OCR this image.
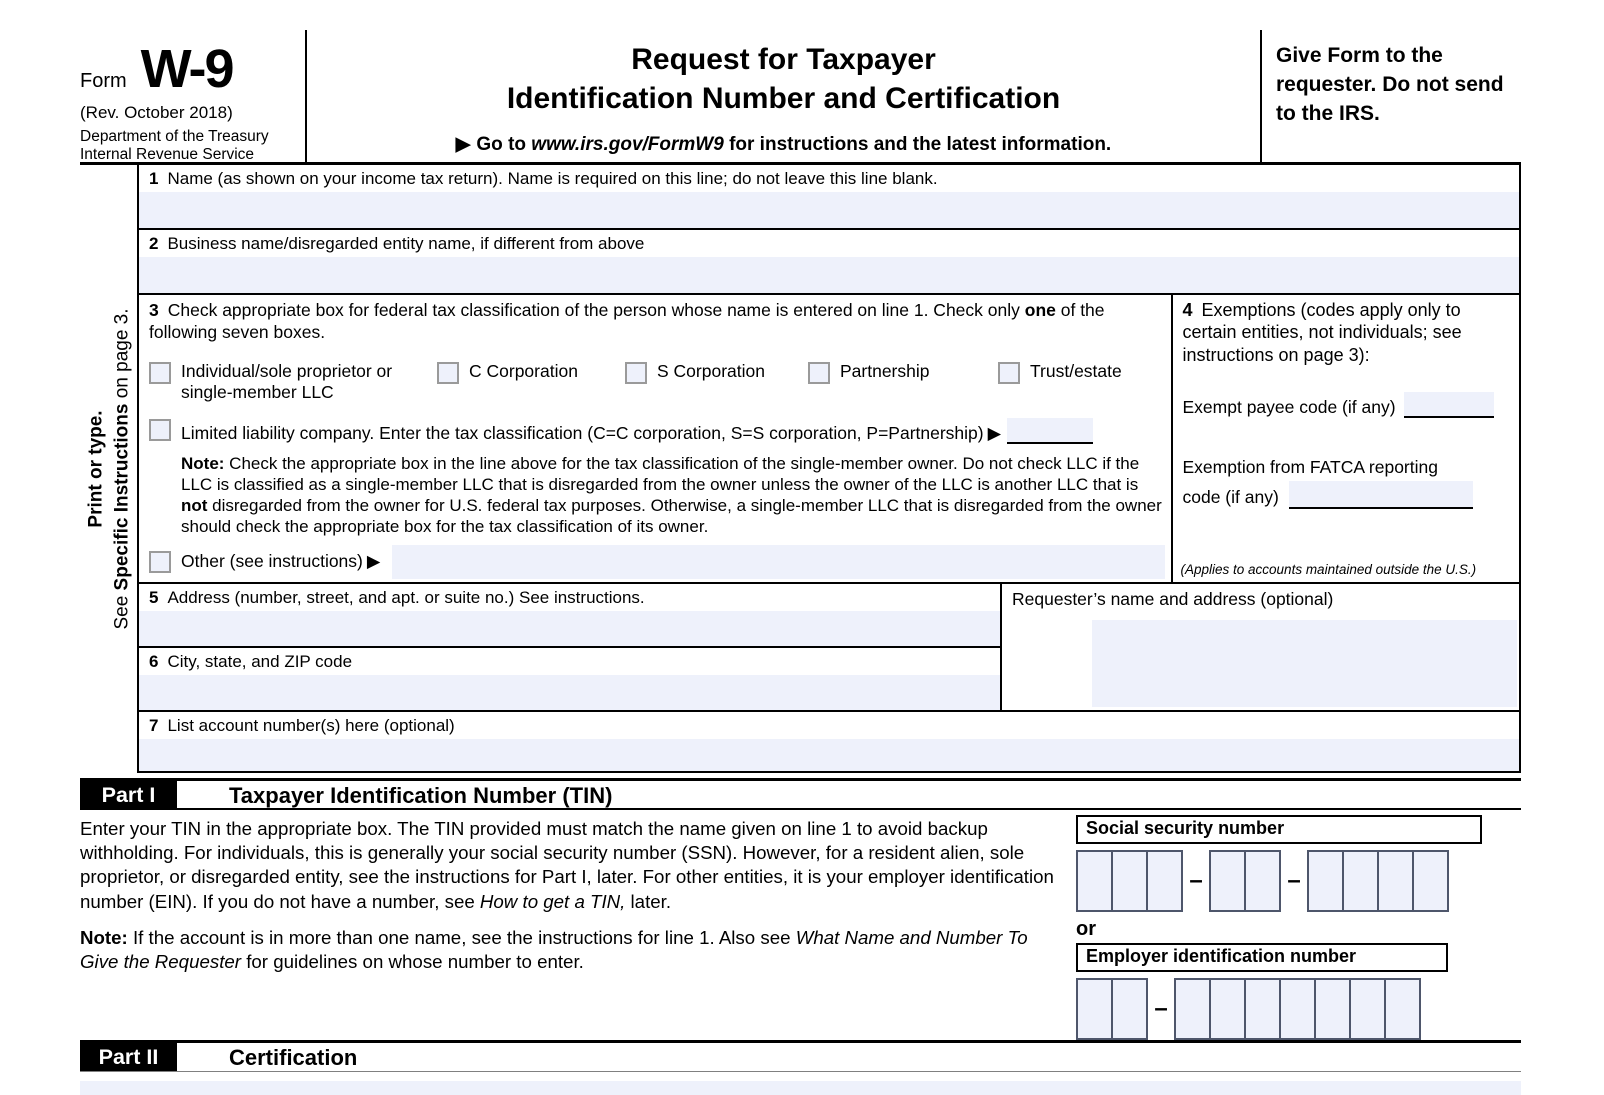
Form W-9
(Rev. October 2018)
Department of the Treasury
Internal Revenue Service
Request for Taxpayer
Identification Number and Certification
▶ Go to www.irs.gov/FormW9 for instructions and the latest information.
Give Form to the requester. Do not send to the IRS.
Print or type.
See Specific Instructions on page 3.
1 Name (as shown on your income tax return). Name is required on this line; do not leave this line blank.
2 Business name/disregarded entity name, if different from above
3 Check appropriate box for federal tax classification of the person whose name is entered on line 1. Check only one of the following seven boxes.
Individual/sole proprietor or single-member LLC
C Corporation	S Corporation	Partnership	Trust/estate
Limited liability company. Enter the tax classification (C=C corporation, S=S corporation, P=Partnership) ▶
Note: Check the appropriate box in the line above for the tax classification of the single-member owner. Do not check LLC if the LLC is classified as a single-member LLC that is disregarded from the owner unless the owner of the LLC is another LLC that is not disregarded from the owner for U.S. federal tax purposes. Otherwise, a single-member LLC that is disregarded from the owner should check the appropriate box for the tax classification of its owner.
Other (see instructions) ▶
4 Exemptions (codes apply only to certain entities, not individuals; see instructions on page 3):
Exempt payee code (if any)
Exemption from FATCA reporting
code (if any)
(Applies to accounts maintained outside the U.S.)
5 Address (number, street, and apt. or suite no.) See instructions.
6 City, state, and ZIP code
Requester’s name and address (optional)
7 List account number(s) here (optional)
Part I	Taxpayer Identification Number (TIN)
Enter your TIN in the appropriate box. The TIN provided must match the name given on line 1 to avoid backup withholding. For individuals, this is generally your social security number (SSN). However, for a resident alien, sole proprietor, or disregarded entity, see the instructions for Part I, later. For other entities, it is your employer identification number (EIN). If you do not have a number, see How to get a TIN, later.
Note: If the account is in more than one name, see the instructions for line 1. Also see What Name and Number To Give the Requester for guidelines on whose number to enter.
Social security number
–	–
or
Employer identification number
–
Part II	Certification
